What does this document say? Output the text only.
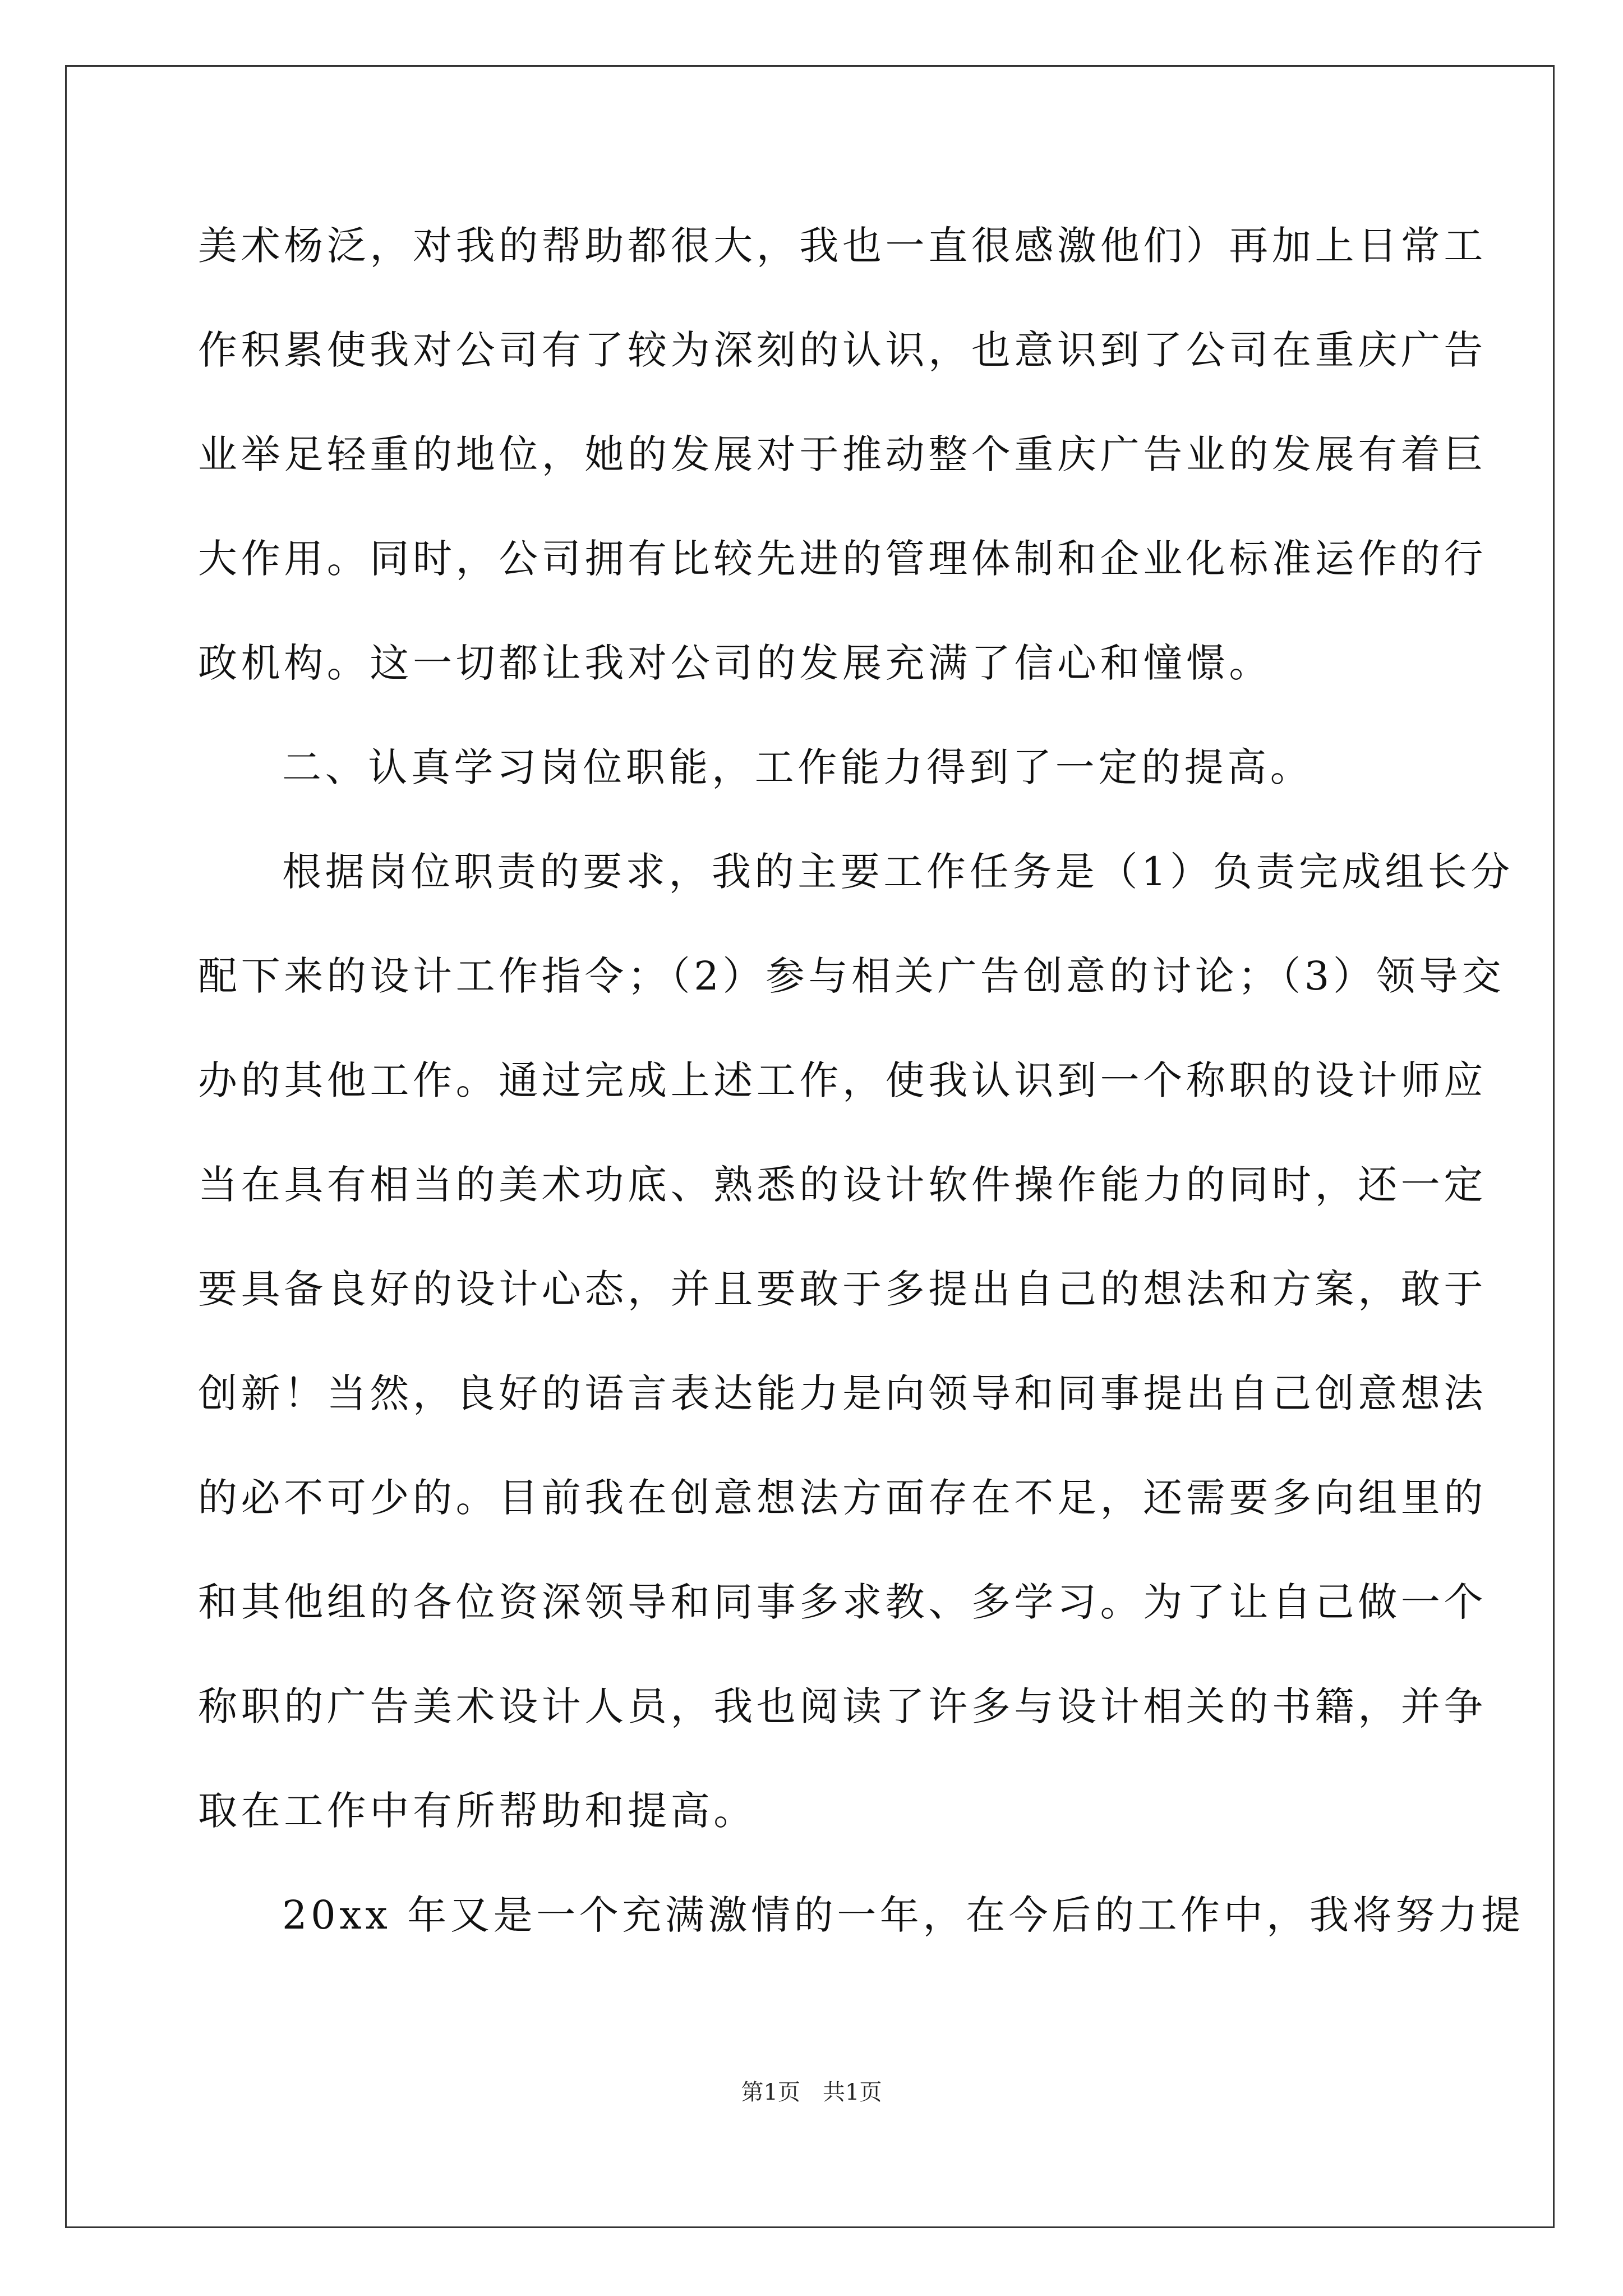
美术杨泛，对我的帮助都很大，我也一直很感激他们）再加上日常工
作积累使我对公司有了较为深刻的认识，也意识到了公司在重庆广告
业举足轻重的地位，她的发展对于推动整个重庆广告业的发展有着巨
大作用。同时，公司拥有比较先进的管理体制和企业化标准运作的行
政机构。这一切都让我对公司的发展充满了信心和憧憬。
二、认真学习岗位职能，工作能力得到了一定的提高。
根据岗位职责的要求，我的主要工作任务是（1）负责完成组长分
配下来的设计工作指令；（2）参与相关广告创意的讨论；（3）领导交
办的其他工作。通过完成上述工作，使我认识到一个称职的设计师应
当在具有相当的美术功底、熟悉的设计软件操作能力的同时，还一定
要具备良好的设计心态，并且要敢于多提出自己的想法和方案，敢于
创新！当然，良好的语言表达能力是向领导和同事提出自己创意想法
的必不可少的。目前我在创意想法方面存在不足，还需要多向组里的
和其他组的各位资深领导和同事多求教、多学习。为了让自己做一个
称职的广告美术设计人员，我也阅读了许多与设计相关的书籍，并争
取在工作中有所帮助和提高。
20xx 年又是一个充满激情的一年，在今后的工作中，我将努力提
第1页 共1页
